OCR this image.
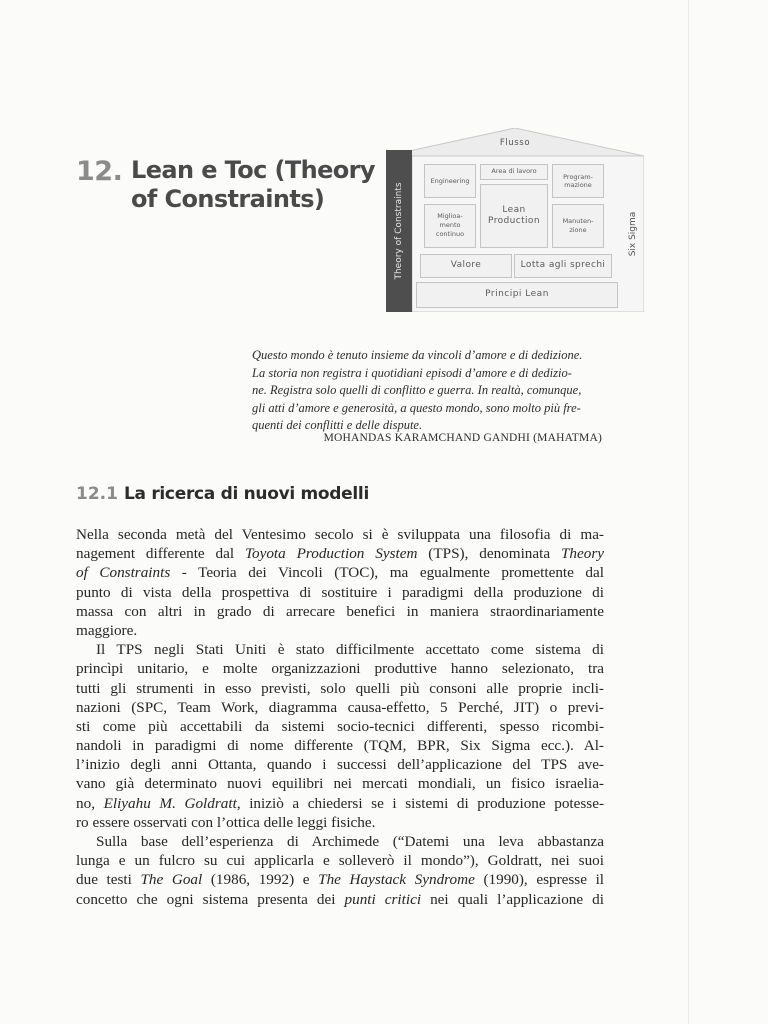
12. Lean e Toc (Theory
of Constraints)
Flusso
Theory of Constraints	Six Sigma
Engineering
Area di lavoro
Program-
mazione
Miglioa-
mento
continuo
Lean
Production	Manuten-
zione
Valore	Lotta agli sprechi
Principi Lean
Questo mondo è tenuto insieme da vincoli d’amore e di dedizione.
La storia non registra i quotidiani episodi d’amore e di dedizio-
ne. Registra solo quelli di conflitto e guerra. In realtà, comunque,
gli atti d’amore e generosità, a questo mondo, sono molto più fre-
quenti dei conflitti e delle dispute.
MOHANDAS KARAMCHAND GANDHI (MAHATMA)
12.1 La ricerca di nuovi modelli
Nella seconda metà del Ventesimo secolo si è sviluppata una filosofia di ma-
nagement differente dal Toyota Production System (TPS), denominata Theory
of Constraints - Teoria dei Vincoli (TOC), ma egualmente promettente dal
punto di vista della prospettiva di sostituire i paradigmi della produzione di
massa con altri in grado di arrecare benefici in maniera straordinariamente
maggiore.
Il TPS negli Stati Uniti è stato difficilmente accettato come sistema di
princìpi unitario, e molte organizzazioni produttive hanno selezionato, tra
tutti gli strumenti in esso previsti, solo quelli più consoni alle proprie incli-
nazioni (SPC, Team Work, diagramma causa-effetto, 5 Perché, JIT) o previ-
sti come più accettabili da sistemi socio-tecnici differenti, spesso ricombi-
nandoli in paradigmi di nome differente (TQM, BPR, Six Sigma ecc.). Al-
l’inizio degli anni Ottanta, quando i successi dell’applicazione del TPS ave-
vano già determinato nuovi equilibri nei mercati mondiali, un fisico israelia-
no, Eliyahu M. Goldratt, iniziò a chiedersi se i sistemi di produzione potesse-
ro essere osservati con l’ottica delle leggi fisiche.
Sulla base dell’esperienza di Archimede (“Datemi una leva abbastanza
lunga e un fulcro su cui applicarla e solleverò il mondo”), Goldratt, nei suoi
due testi The Goal (1986, 1992) e The Haystack Syndrome (1990), espresse il
concetto che ogni sistema presenta dei punti critici nei quali l’applicazione di
